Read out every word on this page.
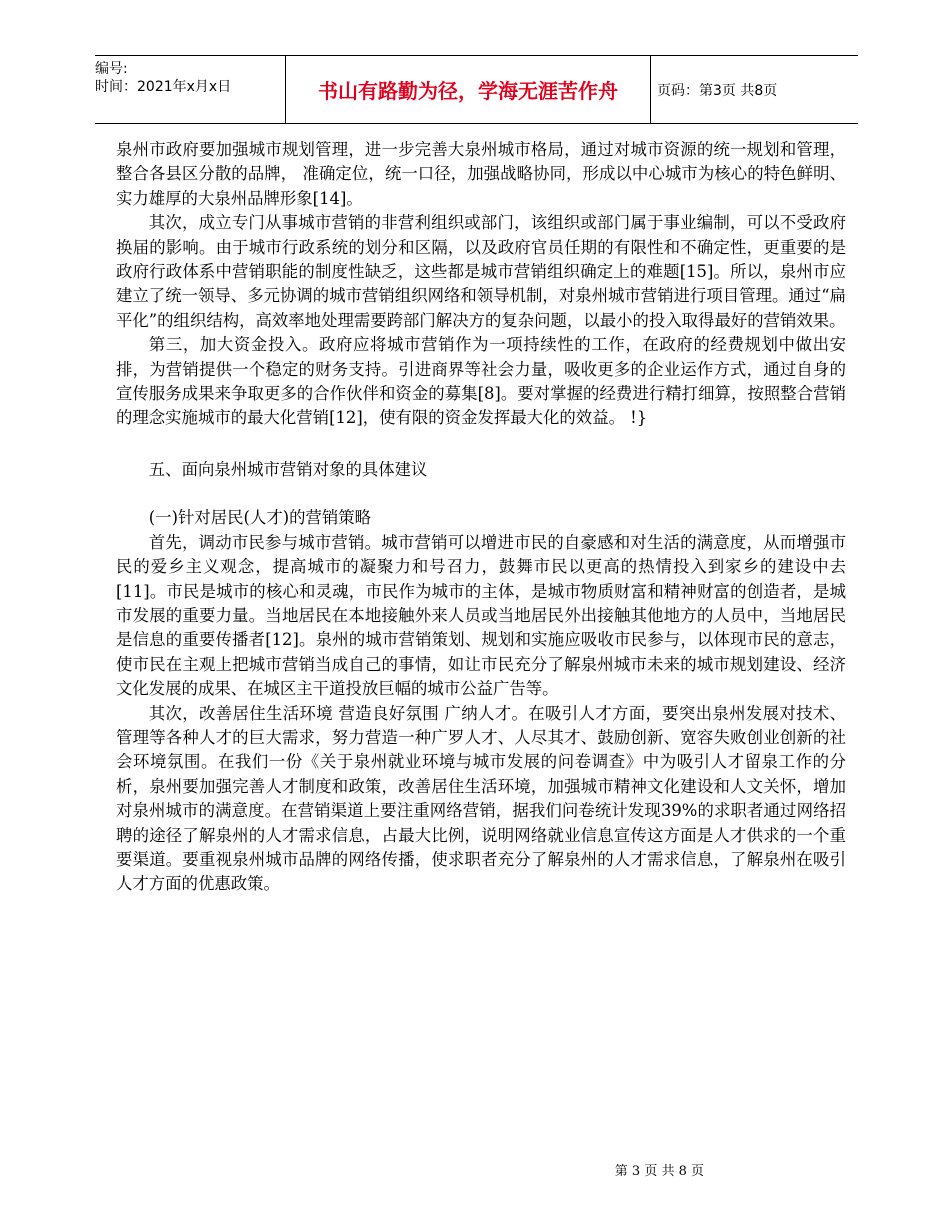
编号:
时间：2021年x月x日	书山有路勤为径，学海无涯苦作舟	页码：第3页 共8页

泉州市政府要加强城市规划管理，进一步完善大泉州城市格局，通过对城市资源的统一规划和管理，整合各县区分散的品牌， 准确定位，统一口径，加强战略协同，形成以中心城市为核心的特色鲜明、实力雄厚的大泉州品牌形象[14]。

其次，成立专门从事城市营销的非营利组织或部门，该组织或部门属于事业编制，可以不受政府换届的影响。由于城市行政系统的划分和区隔，以及政府官员任期的有限性和不确定性，更重要的是政府行政体系中营销职能的制度性缺乏，这些都是城市营销组织确定上的难题[15]。所以，泉州市应建立了统一领导、多元协调的城市营销组织网络和领导机制，对泉州城市营销进行项目管理。通过“扁平化”的组织结构，高效率地处理需要跨部门解决方的复杂问题，以最小的投入取得最好的营销效果。

第三，加大资金投入。政府应将城市营销作为一项持续性的工作，在政府的经费规划中做出安排，为营销提供一个稳定的财务支持。引进商界等社会力量，吸收更多的企业运作方式，通过自身的宣传服务成果来争取更多的合作伙伴和资金的募集[8]。要对掌握的经费进行精打细算，按照整合营销的理念实施城市的最大化营销[12]，使有限的资金发挥最大化的效益。 !}

五、面向泉州城市营销对象的具体建议

(一)针对居民(人才)的营销策略

首先，调动市民参与城市营销。城市营销可以增进市民的自豪感和对生活的满意度，从而增强市民的爱乡主义观念，提高城市的凝聚力和号召力，鼓舞市民以更高的热情投入到家乡的建设中去[11]。市民是城市的核心和灵魂，市民作为城市的主体，是城市物质财富和精神财富的创造者，是城市发展的重要力量。当地居民在本地接触外来人员或当地居民外出接触其他地方的人员中，当地居民是信息的重要传播者[12]。泉州的城市营销策划、规划和实施应吸收市民参与，以体现市民的意志，使市民在主观上把城市营销当成自己的事情，如让市民充分了解泉州城市未来的城市规划建设、经济文化发展的成果、在城区主干道投放巨幅的城市公益广告等。

其次，改善居住生活环境 营造良好氛围 广纳人才。在吸引人才方面，要突出泉州发展对技术、管理等各种人才的巨大需求，努力营造一种广罗人才、人尽其才、鼓励创新、宽容失败创业创新的社会环境氛围。在我们一份《关于泉州就业环境与城市发展的问卷调查》中为吸引人才留泉工作的分析，泉州要加强完善人才制度和政策，改善居住生活环境，加强城市精神文化建设和人文关怀，增加对泉州城市的满意度。在营销渠道上要注重网络营销，据我们问卷统计发现39%的求职者通过网络招聘的途径了解泉州的人才需求信息，占最大比例，说明网络就业信息宣传这方面是人才供求的一个重要渠道。要重视泉州城市品牌的网络传播，使求职者充分了解泉州的人才需求信息，了解泉州在吸引人才方面的优惠政策。

第 3 页 共 8 页
